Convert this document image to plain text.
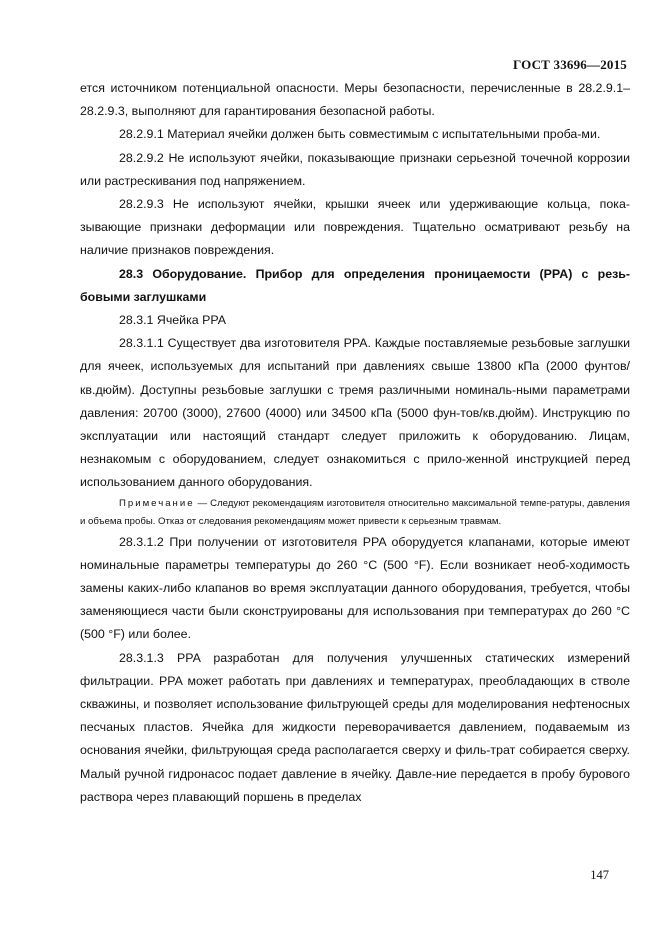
ГОСТ 33696—2015

ется источником потенциальной опасности. Меры безопасности, перечисленные в 28.2.9.1–28.2.9.3, выполняют для гарантирования безопасной работы.

28.2.9.1 Материал ячейки должен быть совместимым с испытательными проба-ми.

28.2.9.2 Не используют ячейки, показывающие признаки серьезной точечной коррозии или растрескивания под напряжением.

28.2.9.3 Не используют ячейки, крышки ячеек или удерживающие кольца, пока-зывающие признаки деформации или повреждения. Тщательно осматривают резьбу на наличие признаков повреждения.

28.3 Оборудование. Прибор для определения проницаемости (PPA) с резь-бовыми заглушками

28.3.1 Ячейка PPA

28.3.1.1 Существует два изготовителя PPA. Каждые поставляемые резьбовые заглушки для ячеек, используемых для испытаний при давлениях свыше 13800 кПа (2000 фунтов/кв.дюйм). Доступны резьбовые заглушки с тремя различными номиналь-ными параметрами давления: 20700 (3000), 27600 (4000) или 34500 кПа (5000 фун-тов/кв.дюйм). Инструкцию по эксплуатации или настоящий стандарт следует приложить к оборудованию. Лицам, незнакомым с оборудованием, следует ознакомиться с прило-женной инструкцией перед использованием данного оборудования.

Примечание — Следуют рекомендациям изготовителя относительно максимальной темпе-ратуры, давления и объема пробы. Отказ от следования рекомендациям может привести к серьезным травмам.

28.3.1.2 При получении от изготовителя PPA оборудуется клапанами, которые имеют номинальные параметры температуры до 260 °С (500 °F). Если возникает необ-ходимость замены каких-либо клапанов во время эксплуатации данного оборудования, требуется, чтобы заменяющиеся части были сконструированы для использования при температурах до 260 °С (500 °F) или более.

28.3.1.3 PPA разработан для получения улучшенных статических измерений фильтрации. PPA может работать при давлениях и температурах, преобладающих в стволе скважины, и позволяет использование фильтрующей среды для моделирования нефтеносных песчаных пластов. Ячейка для жидкости переворачивается давлением, подаваемым из основания ячейки, фильтрующая среда располагается сверху и филь-трат собирается сверху. Малый ручной гидронасос подает давление в ячейку. Давле-ние передается в пробу бурового раствора через плавающий поршень в пределах

147
